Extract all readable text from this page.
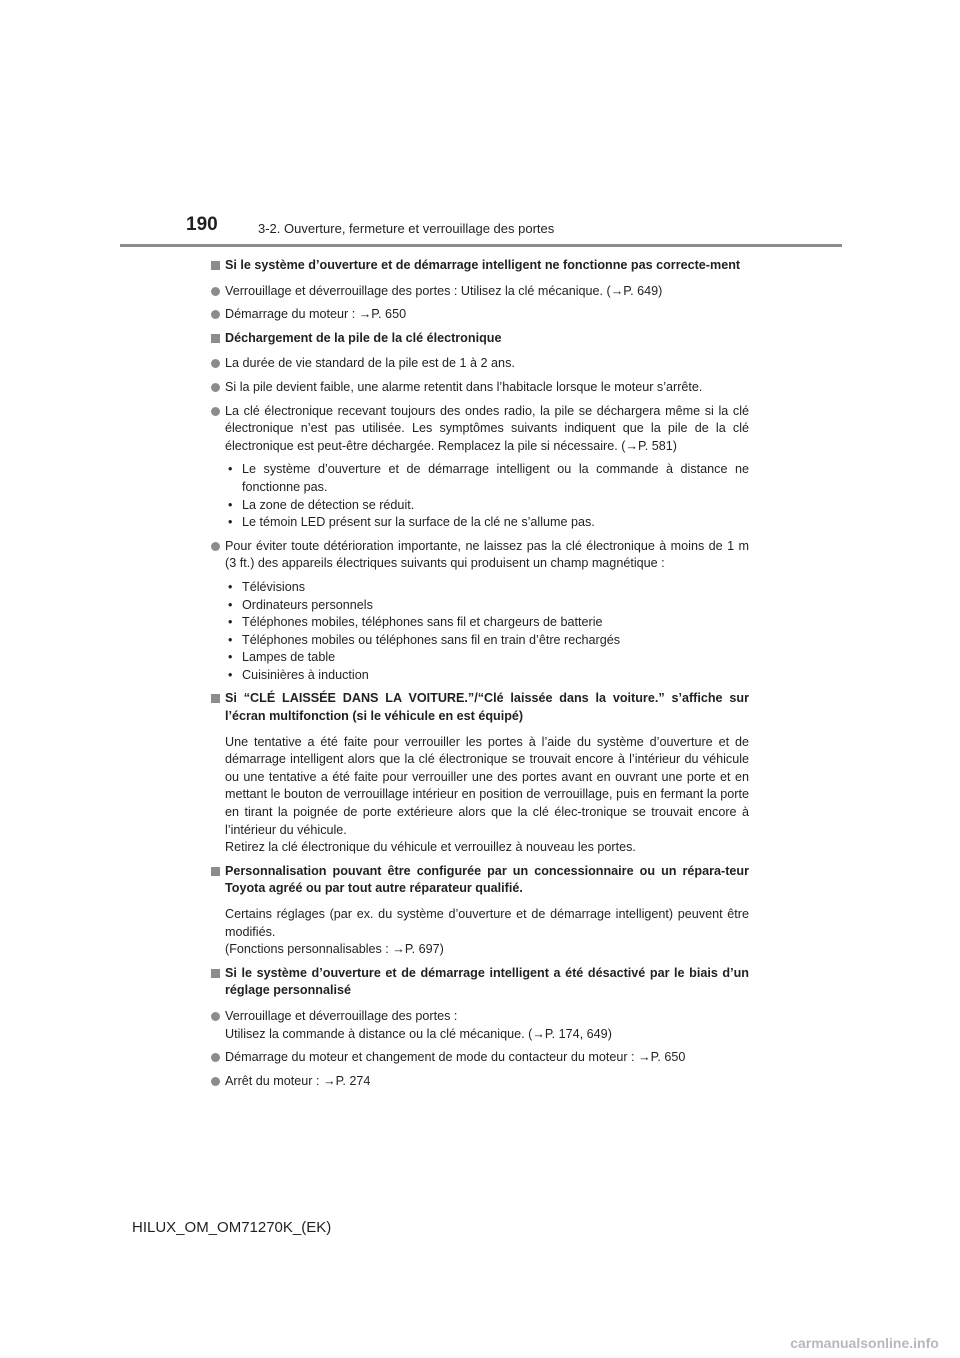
190	3-2. Ouverture, fermeture et verrouillage des portes
Si le système d’ouverture et de démarrage intelligent ne fonctionne pas correcte-ment
Verrouillage et déverrouillage des portes : Utilisez la clé mécanique. (→P. 649)
Démarrage du moteur : →P. 650
Déchargement de la pile de la clé électronique
La durée de vie standard de la pile est de 1 à 2 ans.
Si la pile devient faible, une alarme retentit dans l’habitacle lorsque le moteur s’arrête.
La clé électronique recevant toujours des ondes radio, la pile se déchargera même si la clé électronique n’est pas utilisée. Les symptômes suivants indiquent que la pile de la clé électronique est peut-être déchargée. Remplacez la pile si nécessaire. (→P. 581)
• Le système d’ouverture et de démarrage intelligent ou la commande à distance ne fonctionne pas.
• La zone de détection se réduit.
• Le témoin LED présent sur la surface de la clé ne s’allume pas.
Pour éviter toute détérioration importante, ne laissez pas la clé électronique à moins de 1 m (3 ft.) des appareils électriques suivants qui produisent un champ magnétique :
• Télévisions
• Ordinateurs personnels
• Téléphones mobiles, téléphones sans fil et chargeurs de batterie
• Téléphones mobiles ou téléphones sans fil en train d’être rechargés
• Lampes de table
• Cuisinières à induction
Si “CLÉ LAISSÉE DANS LA VOITURE.”/“Clé laissée dans la voiture.” s’affiche sur l’écran multifonction (si le véhicule en est équipé)
Une tentative a été faite pour verrouiller les portes à l’aide du système d’ouverture et de démarrage intelligent alors que la clé électronique se trouvait encore à l’intérieur du véhicule ou une tentative a été faite pour verrouiller une des portes avant en ouvrant une porte et en mettant le bouton de verrouillage intérieur en position de verrouillage, puis en fermant la porte en tirant la poignée de porte extérieure alors que la clé élec-tronique se trouvait encore à l’intérieur du véhicule.
Retirez la clé électronique du véhicule et verrouillez à nouveau les portes.
Personnalisation pouvant être configurée par un concessionnaire ou un répara-teur Toyota agréé ou par tout autre réparateur qualifié.
Certains réglages (par ex. du système d’ouverture et de démarrage intelligent) peuvent être modifiés.
(Fonctions personnalisables : →P. 697)
Si le système d’ouverture et de démarrage intelligent a été désactivé par le biais d’un réglage personnalisé
Verrouillage et déverrouillage des portes :
Utilisez la commande à distance ou la clé mécanique. (→P. 174, 649)
Démarrage du moteur et changement de mode du contacteur du moteur : →P. 650
Arrêt du moteur : →P. 274
HILUX_OM_OM71270K_(EK)
carmanualsonline.info
